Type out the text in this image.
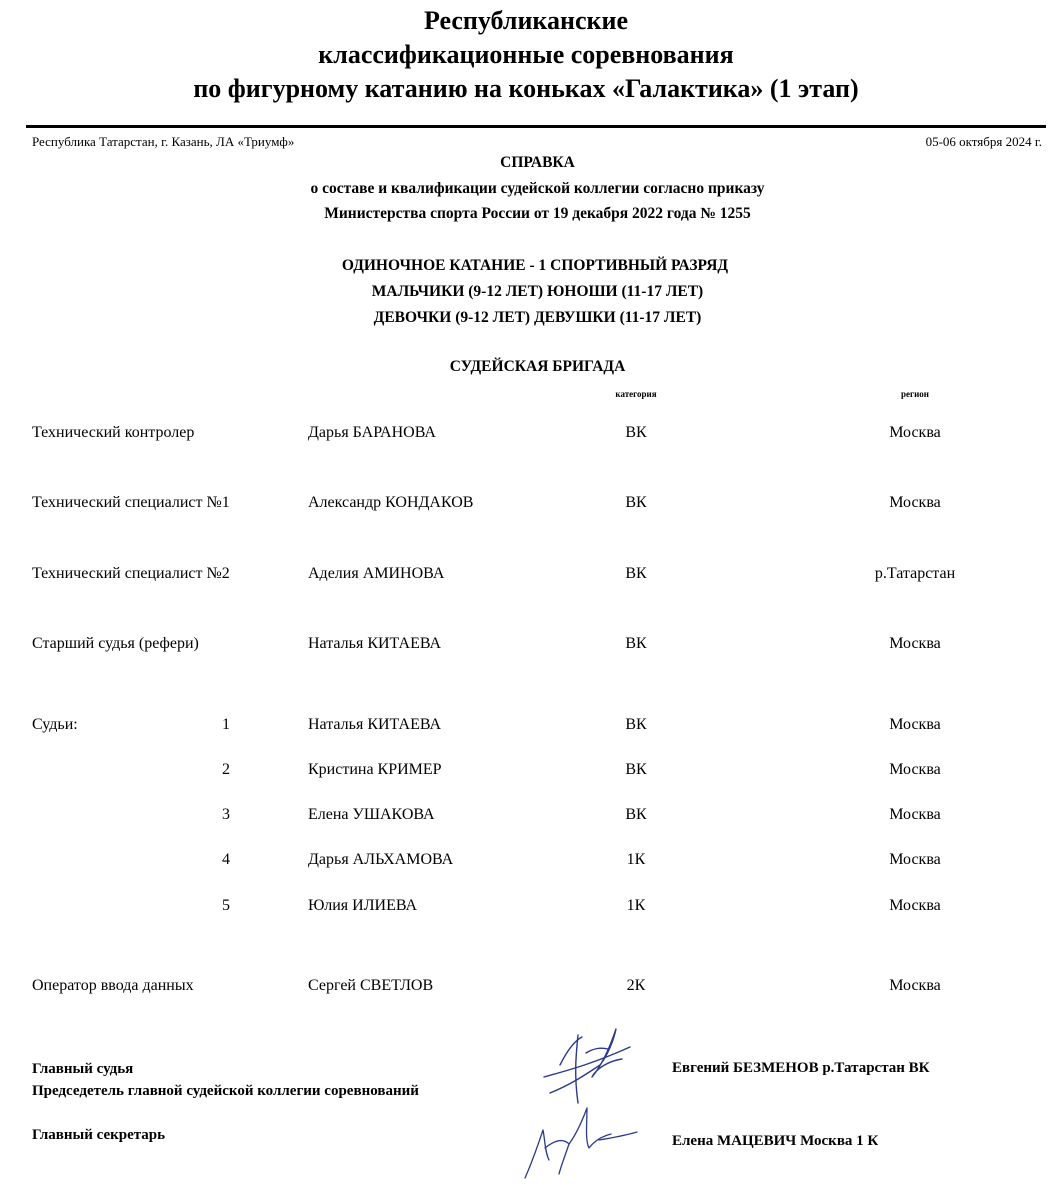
Республиканские
классификационные соревнования
по фигурному катанию на коньках «Галактика» (1 этап)
Республика Татарстан, г. Казань, ЛА «Триумф»	05-06 октября 2024 г.
СПРАВКА
о составе и квалификации судейской коллегии согласно приказу
Министерства спорта России от 19 декабря 2022 года № 1255
ОДИНОЧНОЕ КАТАНИЕ - 1 СПОРТИВНЫЙ РАЗРЯД
МАЛЬЧИКИ (9-12 ЛЕТ) ЮНОШИ (11-17 ЛЕТ)
ДЕВОЧКИ (9-12 ЛЕТ) ДЕВУШКИ (11-17 ЛЕТ)
СУДЕЙСКАЯ БРИГАДА
категория	регион
Технический контролер	Дарья БАРАНОВА	ВК	Москва
Технический специалист №1	Александр КОНДАКОВ	ВК	Москва
Технический специалист №2	Аделия АМИНОВА	ВК	р.Татарстан
Старший судья (рефери)	Наталья КИТАЕВА	ВК	Москва
Судьи:	1	Наталья КИТАЕВА	ВК	Москва
2	Кристина КРИМЕР	ВК	Москва
3	Елена УШАКОВА	ВК	Москва
4	Дарья АЛЬХАМОВА	1К	Москва
5	Юлия ИЛИЕВА	1К	Москва
Оператор ввода данных	Сергей СВЕТЛОВ	2К	Москва
Главный судья
Председетель главной судейской коллегии соревнований
Евгений БЕЗМЕНОВ р.Татарстан ВК
Главный секретарь	Елена МАЦЕВИЧ Москва 1 К
